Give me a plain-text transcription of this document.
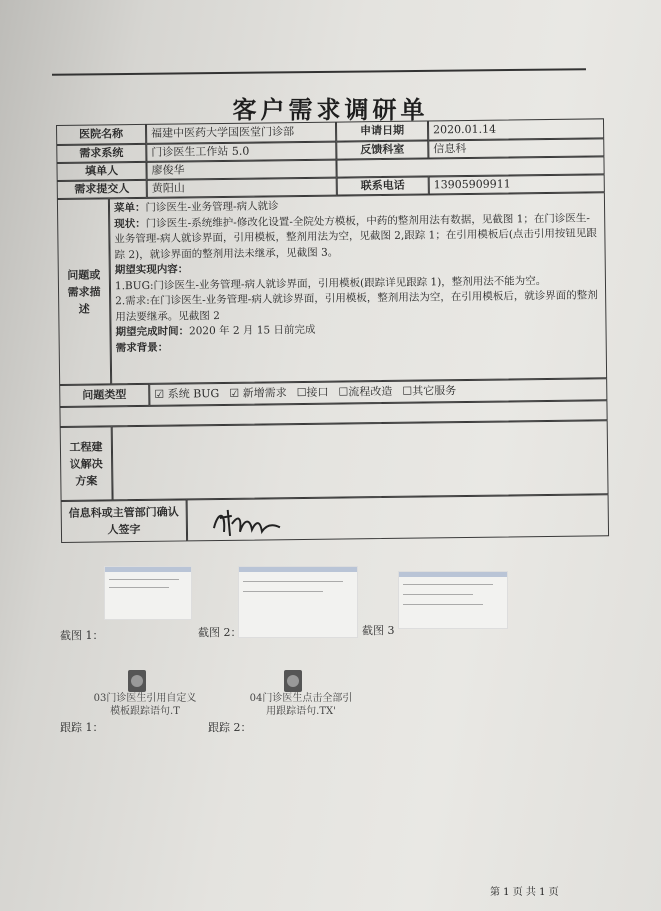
客户需求调研单
医院名称	福建中医药大学国医堂门诊部	申请日期	2020.01.14
需求系统	门诊医生工作站 5.0	反馈科室	信息科
填单人	廖俊华
需求提交人	黄阳山	联系电话	13905909911
问题或需求描述

菜单：门诊医生-业务管理-病人就诊

现状：门诊医生-系统维护-修改化设置-全院处方模板，中药的整剂用法有数据，见截图 1；在门诊医生-业务管理-病人就诊界面，引用模板，整剂用法为空，见截图 2,跟踪 1；在引用模板后(点击引用按钮见跟踪 2)，就诊界面的整剂用法未继承，见截图 3。

期望实现内容：

1.BUG:门诊医生-业务管理-病人就诊界面，引用模板(跟踪详见跟踪 1)，整剂用法不能为空。

2.需求:在门诊医生-业务管理-病人就诊界面，引用模板，整剂用法为空，在引用模板后，就诊界面的整剂用法要继承。见截图 2

期望完成时间：2020 年 2 月 15 日前完成

需求背景：

问题类型	☑ 系统 BUG ☑ 新增需求 ☐接口 ☐流程改造 ☐其它服务
工程建议解决方案
信息科或主管部门确认人签字
截图 1：	截图 2：	截图 3
03门诊医生引用自定义模板跟踪语句.T
04门诊医生点击全部引用跟踪语句.TX'
跟踪 1：	跟踪 2：
第 1 页 共 1 页
